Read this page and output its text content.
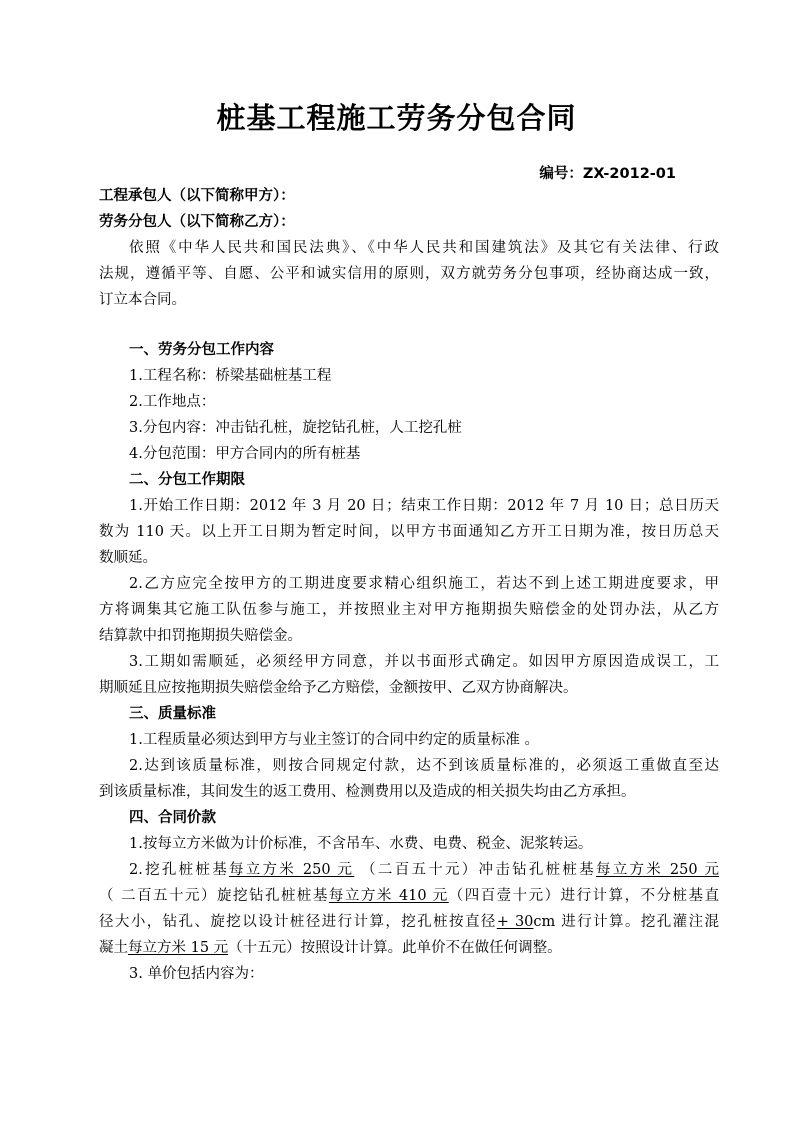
桩基工程施工劳务分包合同
编号：ZX-2012-01
工程承包人（以下简称甲方）：
劳务分包人（以下简称乙方）：
依照《中华人民共和国民法典》、《中华人民共和国建筑法》及其它有关法律、行政
法规，遵循平等、自愿、公平和诚实信用的原则，双方就劳务分包事项，经协商达成一致，
订立本合同。
一、劳务分包工作内容
1.工程名称：桥梁基础桩基工程
2.工作地点：
3.分包内容：冲击钻孔桩，旋挖钻孔桩，人工挖孔桩
4.分包范围：甲方合同内的所有桩基
二、分包工作期限
1.开始工作日期：2012 年 3 月 20 日；结束工作日期：2012 年 7 月 10 日；总日历天
数为 110 天。以上开工日期为暂定时间，以甲方书面通知乙方开工日期为准，按日历总天
数顺延。
2.乙方应完全按甲方的工期进度要求精心组织施工，若达不到上述工期进度要求，甲
方将调集其它施工队伍参与施工，并按照业主对甲方拖期损失赔偿金的处罚办法，从乙方
结算款中扣罚拖期损失赔偿金。
3.工期如需顺延，必须经甲方同意，并以书面形式确定。如因甲方原因造成误工，工
期顺延且应按拖期损失赔偿金给予乙方赔偿，金额按甲、乙双方协商解决。
三、质量标准
1.工程质量必须达到甲方与业主签订的合同中约定的质量标准 。
2.达到该质量标准，则按合同规定付款，达不到该质量标准的，必须返工重做直至达
到该质量标准，其间发生的返工费用、检测费用以及造成的相关损失均由乙方承担。
四、合同价款
1.按每立方米做为计价标准，不含吊车、水费、电费、税金、泥浆转运。
2.挖孔桩桩基每立方米 250 元 （二百五十元）冲击钻孔桩桩基每立方米 250 元
（ 二百五十元）旋挖钻孔桩桩基每立方米 410 元（四百壹十元）进行计算，不分桩基直
径大小，钻孔、旋挖以设计桩径进行计算，挖孔桩按直径+ 30cm 进行计算。挖孔灌注混
凝土每立方米 15 元（十五元）按照设计计算。此单价不在做任何调整。
3. 单价包括内容为：
